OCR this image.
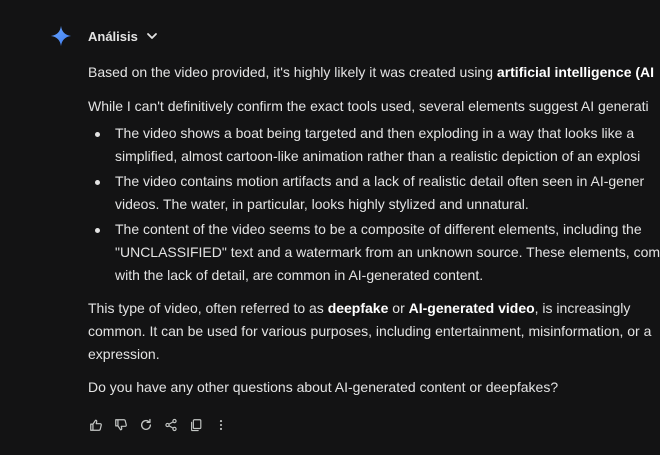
Análisis

Based on the video provided, it's highly likely it was created using artificial intelligence (AI

While I can't definitively confirm the exact tools used, several elements suggest AI generati

The video shows a boat being targeted and then exploding in a way that looks like a
simplified, almost cartoon-like animation rather than a realistic depiction of an explosi
The video contains motion artifacts and a lack of realistic detail often seen in AI-gener
videos. The water, in particular, looks highly stylized and unnatural.
The content of the video seems to be a composite of different elements, including the
"UNCLASSIFIED" text and a watermark from an unknown source. These elements, com
with the lack of detail, are common in AI-generated content.

This type of video, often referred to as deepfake or AI-generated video, is increasingly
common. It can be used for various purposes, including entertainment, misinformation, or a
expression.

Do you have any other questions about AI-generated content or deepfakes?
